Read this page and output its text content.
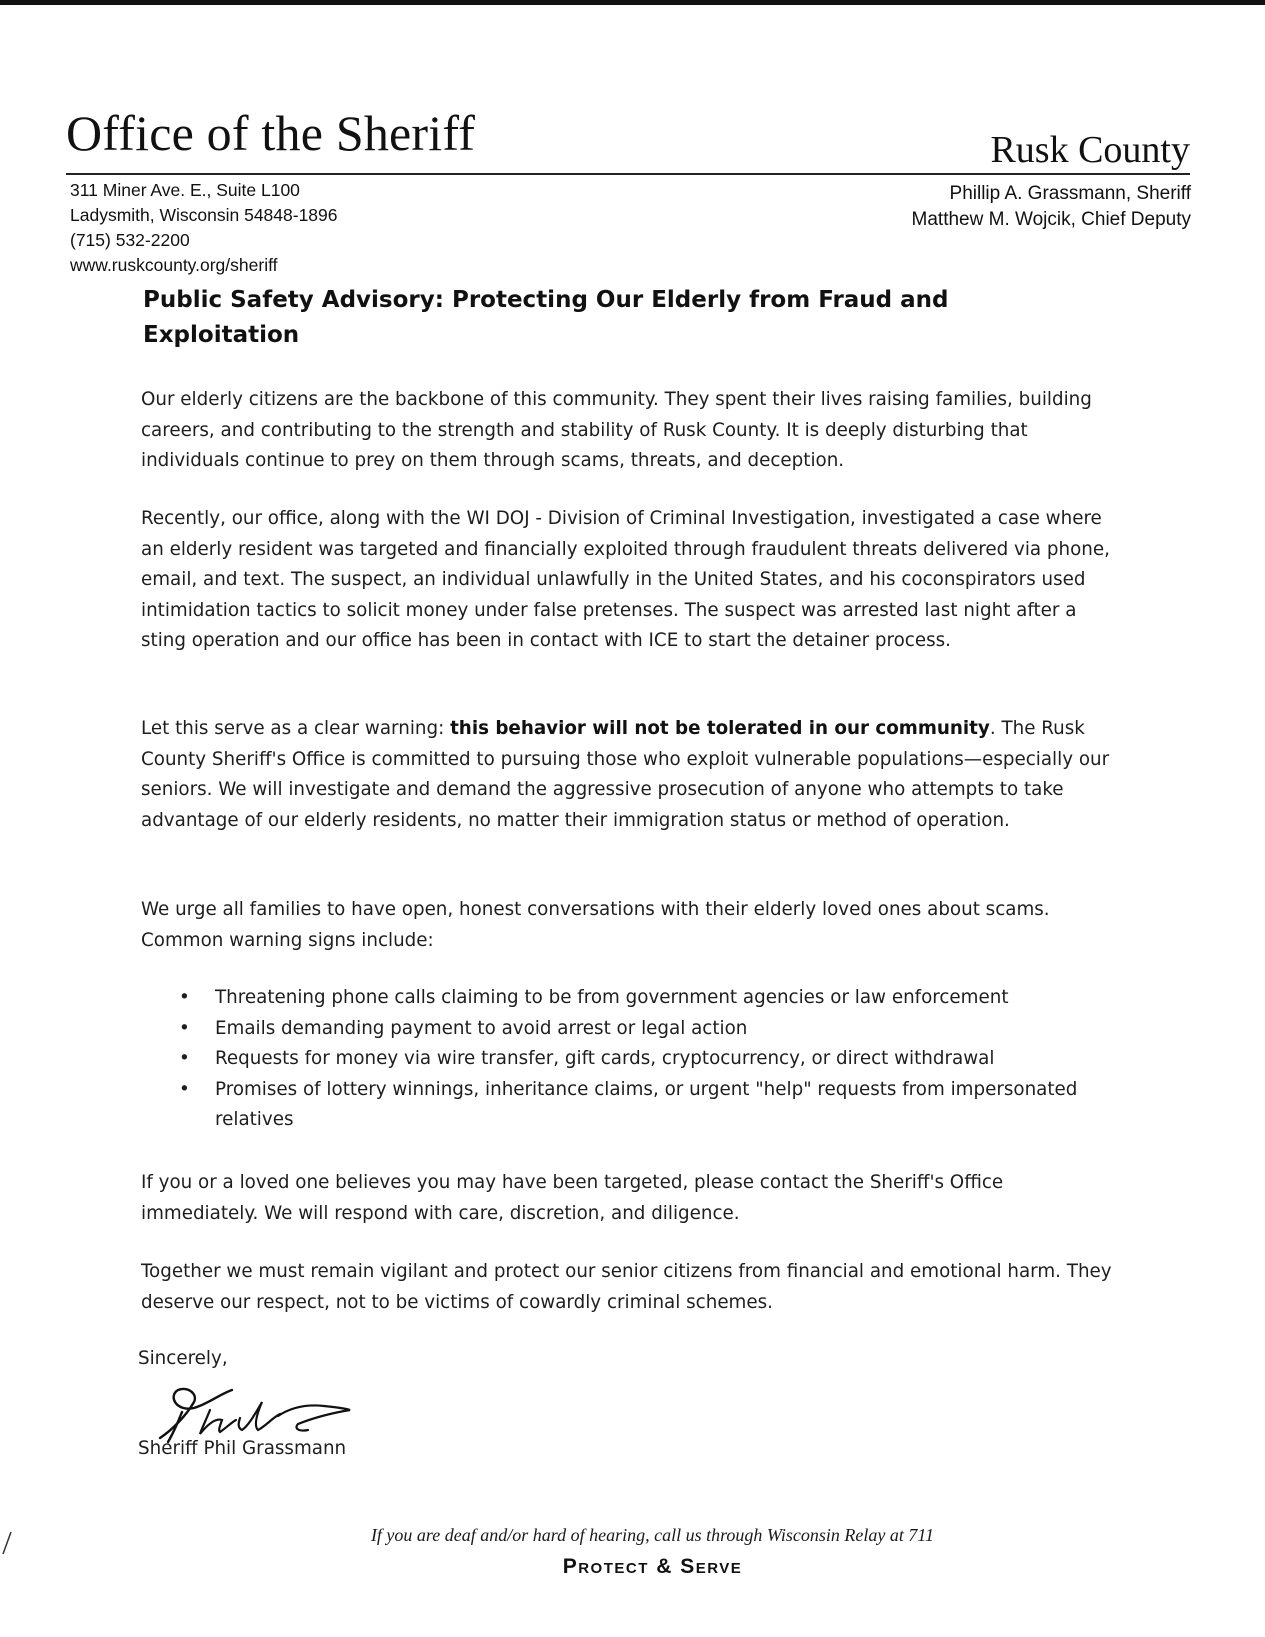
Office of the Sheriff	Rusk County
311 Miner Ave. E., Suite L100
Ladysmith, Wisconsin 54848-1896
(715) 532-2200
www.ruskcounty.org/sheriff
Phillip A. Grassmann, Sheriff
Matthew M. Wojcik, Chief Deputy
Public Safety Advisory: Protecting Our Elderly from Fraud and Exploitation
Our elderly citizens are the backbone of this community. They spent their lives raising families, building careers, and contributing to the strength and stability of Rusk County. It is deeply disturbing that individuals continue to prey on them through scams, threats, and deception.
Recently, our office, along with the WI DOJ - Division of Criminal Investigation, investigated a case where an elderly resident was targeted and financially exploited through fraudulent threats delivered via phone, email, and text. The suspect, an individual unlawfully in the United States, and his coconspirators used intimidation tactics to solicit money under false pretenses. The suspect was arrested last night after a sting operation and our office has been in contact with ICE to start the detainer process.
Let this serve as a clear warning: this behavior will not be tolerated in our community. The Rusk County Sheriff's Office is committed to pursuing those who exploit vulnerable populations—especially our seniors. We will investigate and demand the aggressive prosecution of anyone who attempts to take advantage of our elderly residents, no matter their immigration status or method of operation.
We urge all families to have open, honest conversations with their elderly loved ones about scams. Common warning signs include:
• Threatening phone calls claiming to be from government agencies or law enforcement
• Emails demanding payment to avoid arrest or legal action
• Requests for money via wire transfer, gift cards, cryptocurrency, or direct withdrawal
• Promises of lottery winnings, inheritance claims, or urgent "help" requests from impersonated relatives
If you or a loved one believes you may have been targeted, please contact the Sheriff's Office immediately. We will respond with care, discretion, and diligence.
Together we must remain vigilant and protect our senior citizens from financial and emotional harm. They deserve our respect, not to be victims of cowardly criminal schemes.
Sincerely,
Sheriff Phil Grassmann
If you are deaf and/or hard of hearing, call us through Wisconsin Relay at 711
Protect & Serve
